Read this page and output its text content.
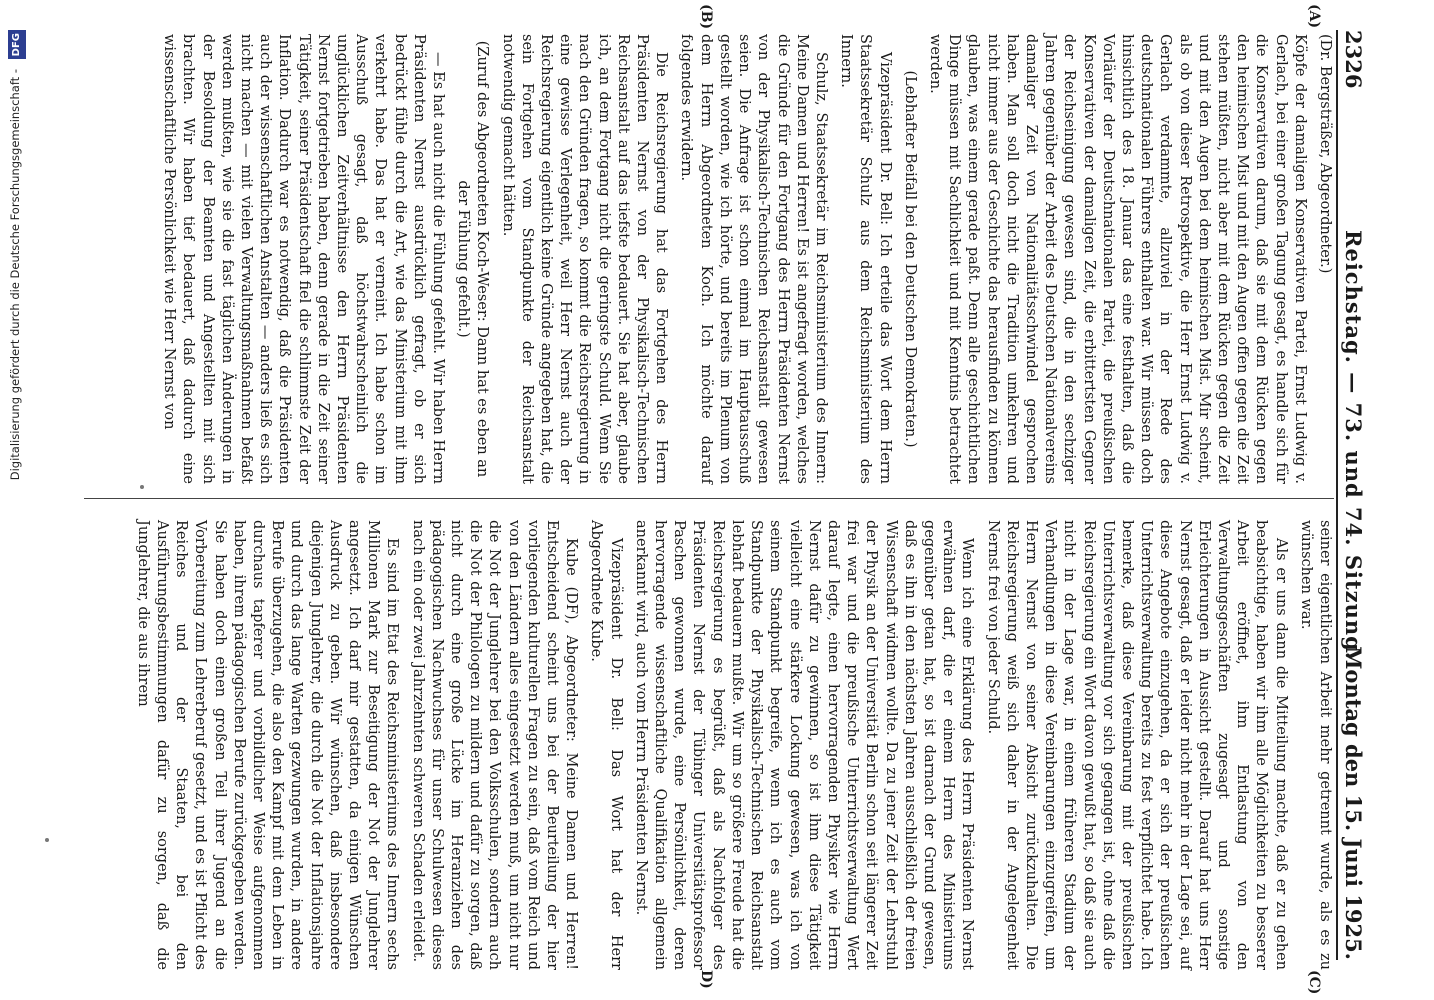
2326
Reichstag. — 73. und 74. Sitzung.
Montag den 15. Juni 1925.
(A)
(B)
(C)
D)

(Dr. Bergsträßer, Abgeordneter.)

Köpfe der damaligen Konservativen Partei, Ernst Ludwig v. Gerlach, bei einer großen Tagung gesagt, es handle sich für die Konservativen darum, daß sie mit dem Rücken gegen den heimischen Mist und mit den Augen offen gegen die Zeit stehen müßten, nicht aber mit dem Rücken gegen die Zeit und mit den Augen bei dem heimischen Mist. Mir scheint, als ob von dieser Retrospektive, die Herr Ernst Ludwig v. Gerlach verdammte, allzuviel in der Rede des deutschnationalen Führers enthalten war. Wir müssen doch hinsichtlich des 18. Januar das eine festhalten, daß die Vorläufer der Deutschnationalen Partei, die preußischen Konservativen der damaligen Zeit, die erbittertsten Gegner der Reichseinigung gewesen sind, die in den sechziger Jahren gegenüber der Arbeit des Deutschen Nationalvereins damaliger Zeit von Nationalitätsschwindel gesprochen haben. Man soll doch nicht die Tradition umkehren und nicht immer aus der Geschichte das herausfinden zu können glauben, was einem gerade paßt. Denn alle geschichtlichen Dinge müssen mit Sachlichkeit und mit Kenntnis betrachtet werden.

(Lebhafter Beifall bei den Deutschen Demokraten.)

Vizepräsident Dr. Bell: Ich erteile das Wort dem Herrn Staatssekretär Schulz aus dem Reichsministerium des Innern.

Schulz, Staatssekretär im Reichsministerium des Innern: Meine Damen und Herren! Es ist angefragt worden, welches die Gründe für den Fortgang des Herrn Präsidenten Nernst von der Physikalisch-Technischen Reichsanstalt gewesen seien. Die Anfrage ist schon einmal im Hauptausschuß gestellt worden, wie ich hörte, und bereits im Plenum von dem Herrn Abgeordneten Koch. Ich möchte darauf folgendes erwidern.

Die Reichsregierung hat das Fortgehen des Herrn Präsidenten Nernst von der Physikalisch-Technischen Reichsanstalt auf das tiefste bedauert. Sie hat aber, glaube ich, an dem Fortgang nicht die geringste Schuld. Wenn Sie nach den Gründen fragen, so kommt die Reichsregierung in eine gewisse Verlegenheit, weil Herr Nernst auch der Reichsregierung eigentlich keine Gründe angegeben hat, die sein Fortgehen vom Standpunkte der Reichsanstalt notwendig gemacht hätten.

(Zuruf des Abgeordneten Koch-Weser: Dann hat es eben an der Fühlung gefehlt.)

— Es hat auch nicht die Fühlung gefehlt. Wir haben Herrn Präsidenten Nernst ausdrücklich gefragt, ob er sich bedrückt fühle durch die Art, wie das Ministerium mit ihm verkehrt habe. Das hat er verneint. Ich habe schon im Ausschuß gesagt, daß höchstwahrscheinlich die unglücklichen Zeitverhältnisse den Herrn Präsidenten Nernst fortgetrieben haben, denn gerade in die Zeit seiner Tätigkeit, seiner Präsidentschaft fiel die schlimmste Zeit der Inflation. Dadurch war es notwendig, daß die Präsidenten auch der wissenschaftlichen Anstalten — anders ließ es sich nicht machen — mit vielen Verwaltungsmaßnahmen befaßt werden mußten, wie sie die fast täglichen Änderungen in der Besoldung der Beamten und Angestellten mit sich brachten. Wir haben tief bedauert, daß dadurch eine wissenschaftliche Persönlichkeit wie Herr Nernst von

seiner eigentlichen Arbeit mehr getrennt wurde, als es zu wünschen war.

Als er uns dann die Mitteilung machte, daß er zu gehen beabsichtige, haben wir ihm alle Möglichkeiten zu besserer Arbeit eröffnet, ihm Entlastung von den Verwaltungsgeschäften zugesagt und sonstige Erleichterungen in Aussicht gestellt. Darauf hat uns Herr Nernst gesagt, daß er leider nicht mehr in der Lage sei, auf diese Angebote einzugehen, da er sich der preußischen Unterrichtsverwaltung bereits zu fest verpflichtet habe. Ich bemerke, daß diese Vereinbarung mit der preußischen Unterrichtsverwaltung vor sich gegangen ist, ohne daß die Reichsregierung ein Wort davon gewußt hat, so daß sie auch nicht in der Lage war, in einem früheren Stadium der Verhandlungen in diese Vereinbarungen einzugreifen, um Herrn Nernst von seiner Absicht zurückzuhalten. Die Reichsregierung weiß sich daher in der Angelegenheit Nernst frei von jeder Schuld.

Wenn ich eine Erklärung des Herrn Präsidenten Nernst erwähnen darf, die er einem Herrn des Ministeriums gegenüber getan hat, so ist darnach der Grund gewesen, daß es ihn in den nächsten Jahren ausschließlich der freien Wissenschaft widmen wollte. Da zu jener Zeit der Lehrstuhl der Physik an der Universität Berlin schon seit längerer Zeit frei war und die preußische Unterrichtsverwaltung Wert darauf legte, einen hervorragenden Physiker wie Herrn Nernst dafür zu gewinnen, so ist ihm diese Tätigkeit vielleicht eine stärkere Lockung gewesen, was ich von seinem Standpunkt begreife, wenn ich es auch vom Standpunkte der Physikalisch-Technischen Reichsanstalt lebhaft bedauern mußte. Wir um so größere Freude hat die Reichsregierung es begrüßt, daß als Nachfolger des Präsidenten Nernst der Tübinger Universitätsprofessor Paschen gewonnen wurde, eine Persönlichkeit, deren hervorragende wissenschaftliche Qualifikation allgemein anerkannt wird, auch vom Herrn Präsidenten Nernst.

Vizepräsident Dr. Bell: Das Wort hat der Herr Abgeordnete Kube.

Kube (DF), Abgeordneter: Meine Damen und Herren! Entscheidend scheint uns bei der Beurteilung der hier vorliegenden kulturellen Fragen zu sein, daß vom Reich und von den Ländern alles eingesetzt werden muß, um nicht nur die Not der Junglehrer bei den Volksschulen, sondern auch die Not der Philologen zu mildern und dafür zu sorgen, daß nicht durch eine große Lücke im Heranziehen des pädagogischen Nachwuchses für unser Schulwesen dieses nach ein oder zwei Jahrzehnten schweren Schaden erleidet.

Es sind im Etat des Reichsministeriums des Innern sechs Millionen Mark zur Beseitigung der Not der Junglehrer angesetzt. Ich darf mir gestatten, da einigen Wünschen Ausdruck zu geben. Wir wünschen, daß insbesondere diejenigen Junglehrer, die durch die Not der Inflationsjahre und durch das lange Warten gezwungen wurden, in andere Berufe überzugehen, die also den Kampf mit dem Leben in durchaus tapferer und vorbildlicher Weise aufgenommen haben, ihrem pädagogischen Berufe zurückgegeben werden. Sie haben doch einen großen Teil ihrer Jugend an die Vorbereitung zum Lehrerberuf gesetzt, und es ist Pflicht des Reiches und der Staaten, bei den Ausführungsbestimmungen dafür zu sorgen, daß die Junglehrer, die aus ihrem

Digitalisierung gefördert durch die Deutsche Forschungsgemeinschaft - DFG
